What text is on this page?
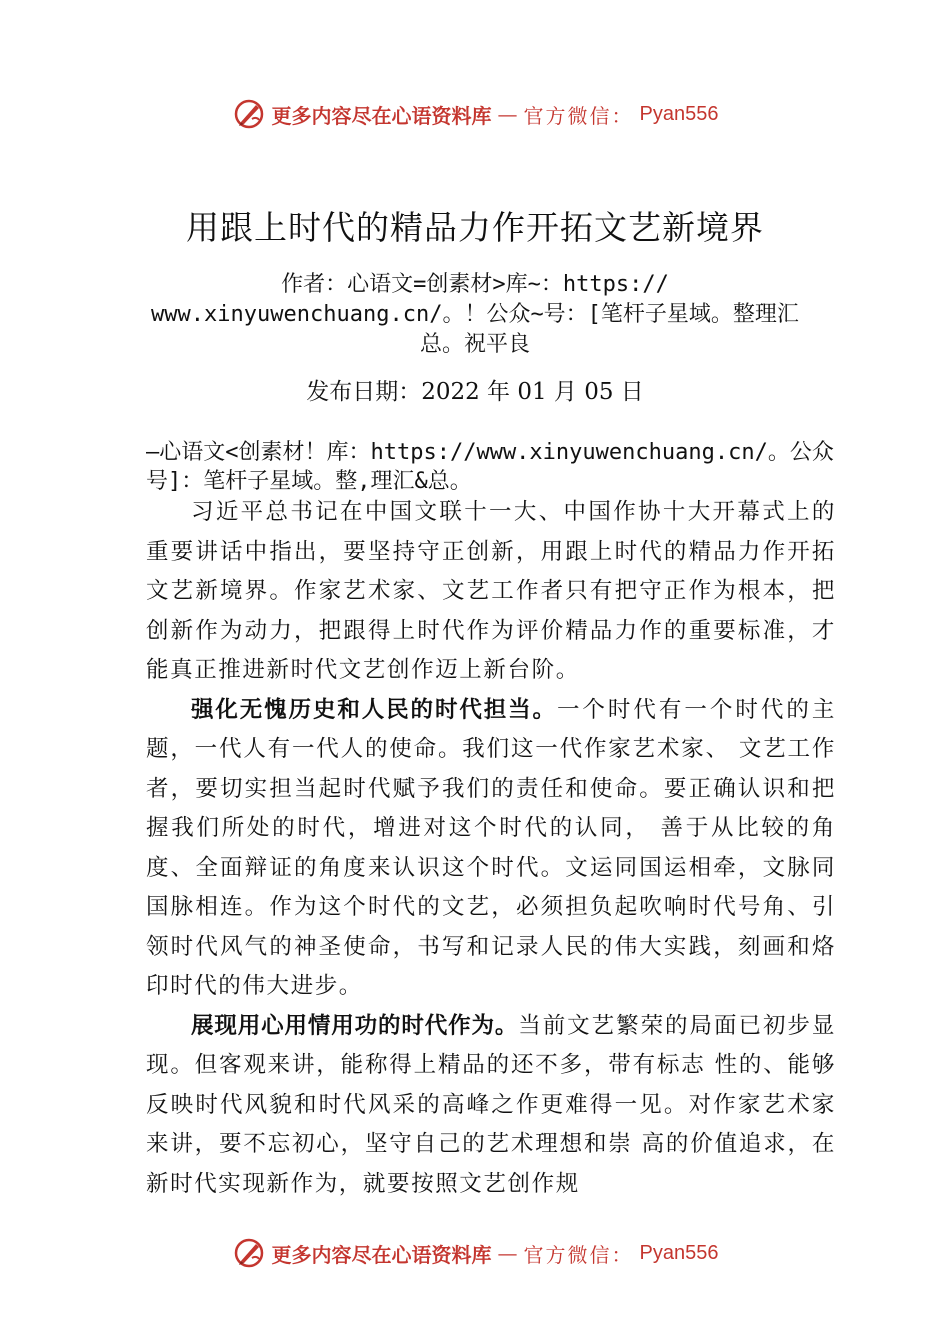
更多内容尽在心语资料库 — 官方微信： Pyan556
用跟上时代的精品力作开拓文艺新境界
作者：心语文=创素材>库~：https:// www.xinyuwenchuang.cn/。！公众~号：[笔杆子星域。整理汇总。祝平良
发布日期：2022 年 01 月 05 日
—心语文<创素材！库：https://www.xinyuwenchuang.cn/。公众号]：笔杆子星域。整,理汇&总。

习近平总书记在中国文联十一大、中国作协十大开幕式上的重要讲话中指出，要坚持守正创新，用跟上时代的精品力作开拓文艺新境界。作家艺术家、文艺工作者只有把守正作为根本，把创新作为动力，把跟得上时代作为评价精品力作的重要标准，才能真正推进新时代文艺创作迈上新台阶。

强化无愧历史和人民的时代担当。一个时代有一个时代的主题，一代人有一代人的使命。我们这一代作家艺术家、 文艺工作者，要切实担当起时代赋予我们的责任和使命。要正确认识和把握我们所处的时代，增进对这个时代的认同， 善于从比较的角度、全面辩证的角度来认识这个时代。文运同国运相牵，文脉同国脉相连。作为这个时代的文艺，必须担负起吹响时代号角、引领时代风气的神圣使命，书写和记录人民的伟大实践，刻画和烙印时代的伟大进步。

展现用心用情用功的时代作为。当前文艺繁荣的局面已初步显现。但客观来讲，能称得上精品的还不多，带有标志 性的、能够反映时代风貌和时代风采的高峰之作更难得一见。对作家艺术家来讲，要不忘初心，坚守自己的艺术理想和崇 高的价值追求，在新时代实现新作为，就要按照文艺创作规

更多内容尽在心语资料库 — 官方微信： Pyan556
